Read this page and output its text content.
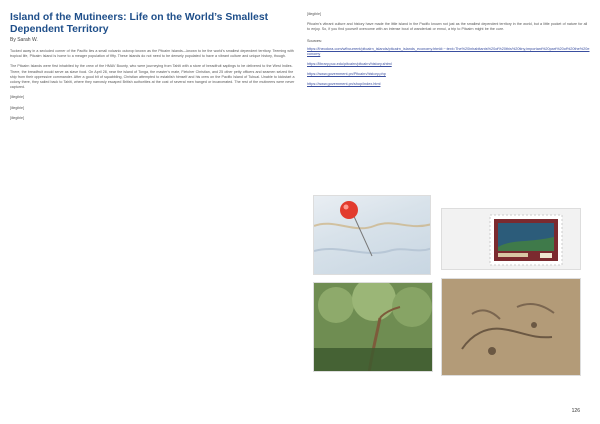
Island of the Mutineers: Life on the World’s Smallest Dependent Territory
By Sarah W.

Tucked away in a secluded corner of the Pacific lies a small volcanic outcrop known as the Pitcairn Islands—known to be the world’s smallest dependent territory. Teeming with tropical life, Pitcairn Island is home to a meager population of fifty. These islands do not need to be densely populated to have a vibrant culture and unique history, though.

The Pitcairn Islands were first inhabited by the crew of the HMAV Bounty, who were journeying from Tahiti with a store of breadfruit saplings to be delivered to the West Indies. There, the breadfruit would serve as slave food. On April 28, near the island of Tonga, the master’s mate, Fletcher Christian, and 25 other petty officers and seamen seized the ship from their oppressive commander. After a good bit of squabbling, Christian attempted to establish himself and his crew on the Pacific Island of Tubuai. Unable to kickstart a colony there, they sailed back to Tahiti, where they narrowly escaped British authorities at the cost of several men hanged or incarcerated. The rest of the mutineers were never captured.

[illegible]

[illegible]

[illegible]

[illegible]

Pitcairn’s vibrant culture and history have made the little island in the Pacific known not just as the smallest dependent territory in the world, but a little pocket of nature for all to enjoy. So, if you find yourself overcome with an intense bout of wanderlust or ennui, a trip to Pitcairn might be the cure.

Sources:
https://theodora.com/wfbcurrent/pitcairn_islands/pitcairn_islands_economy.html#:~:text=The%20inhabitants%20of%20this%20tiny,important%20part%20of%20the%20economy
https://library.puc.edu/pitcairn/pitcairn/history.shtml
https://www.government.pn/Pitcairn/history.php
https://www.government.pn/shop/index.html
126
